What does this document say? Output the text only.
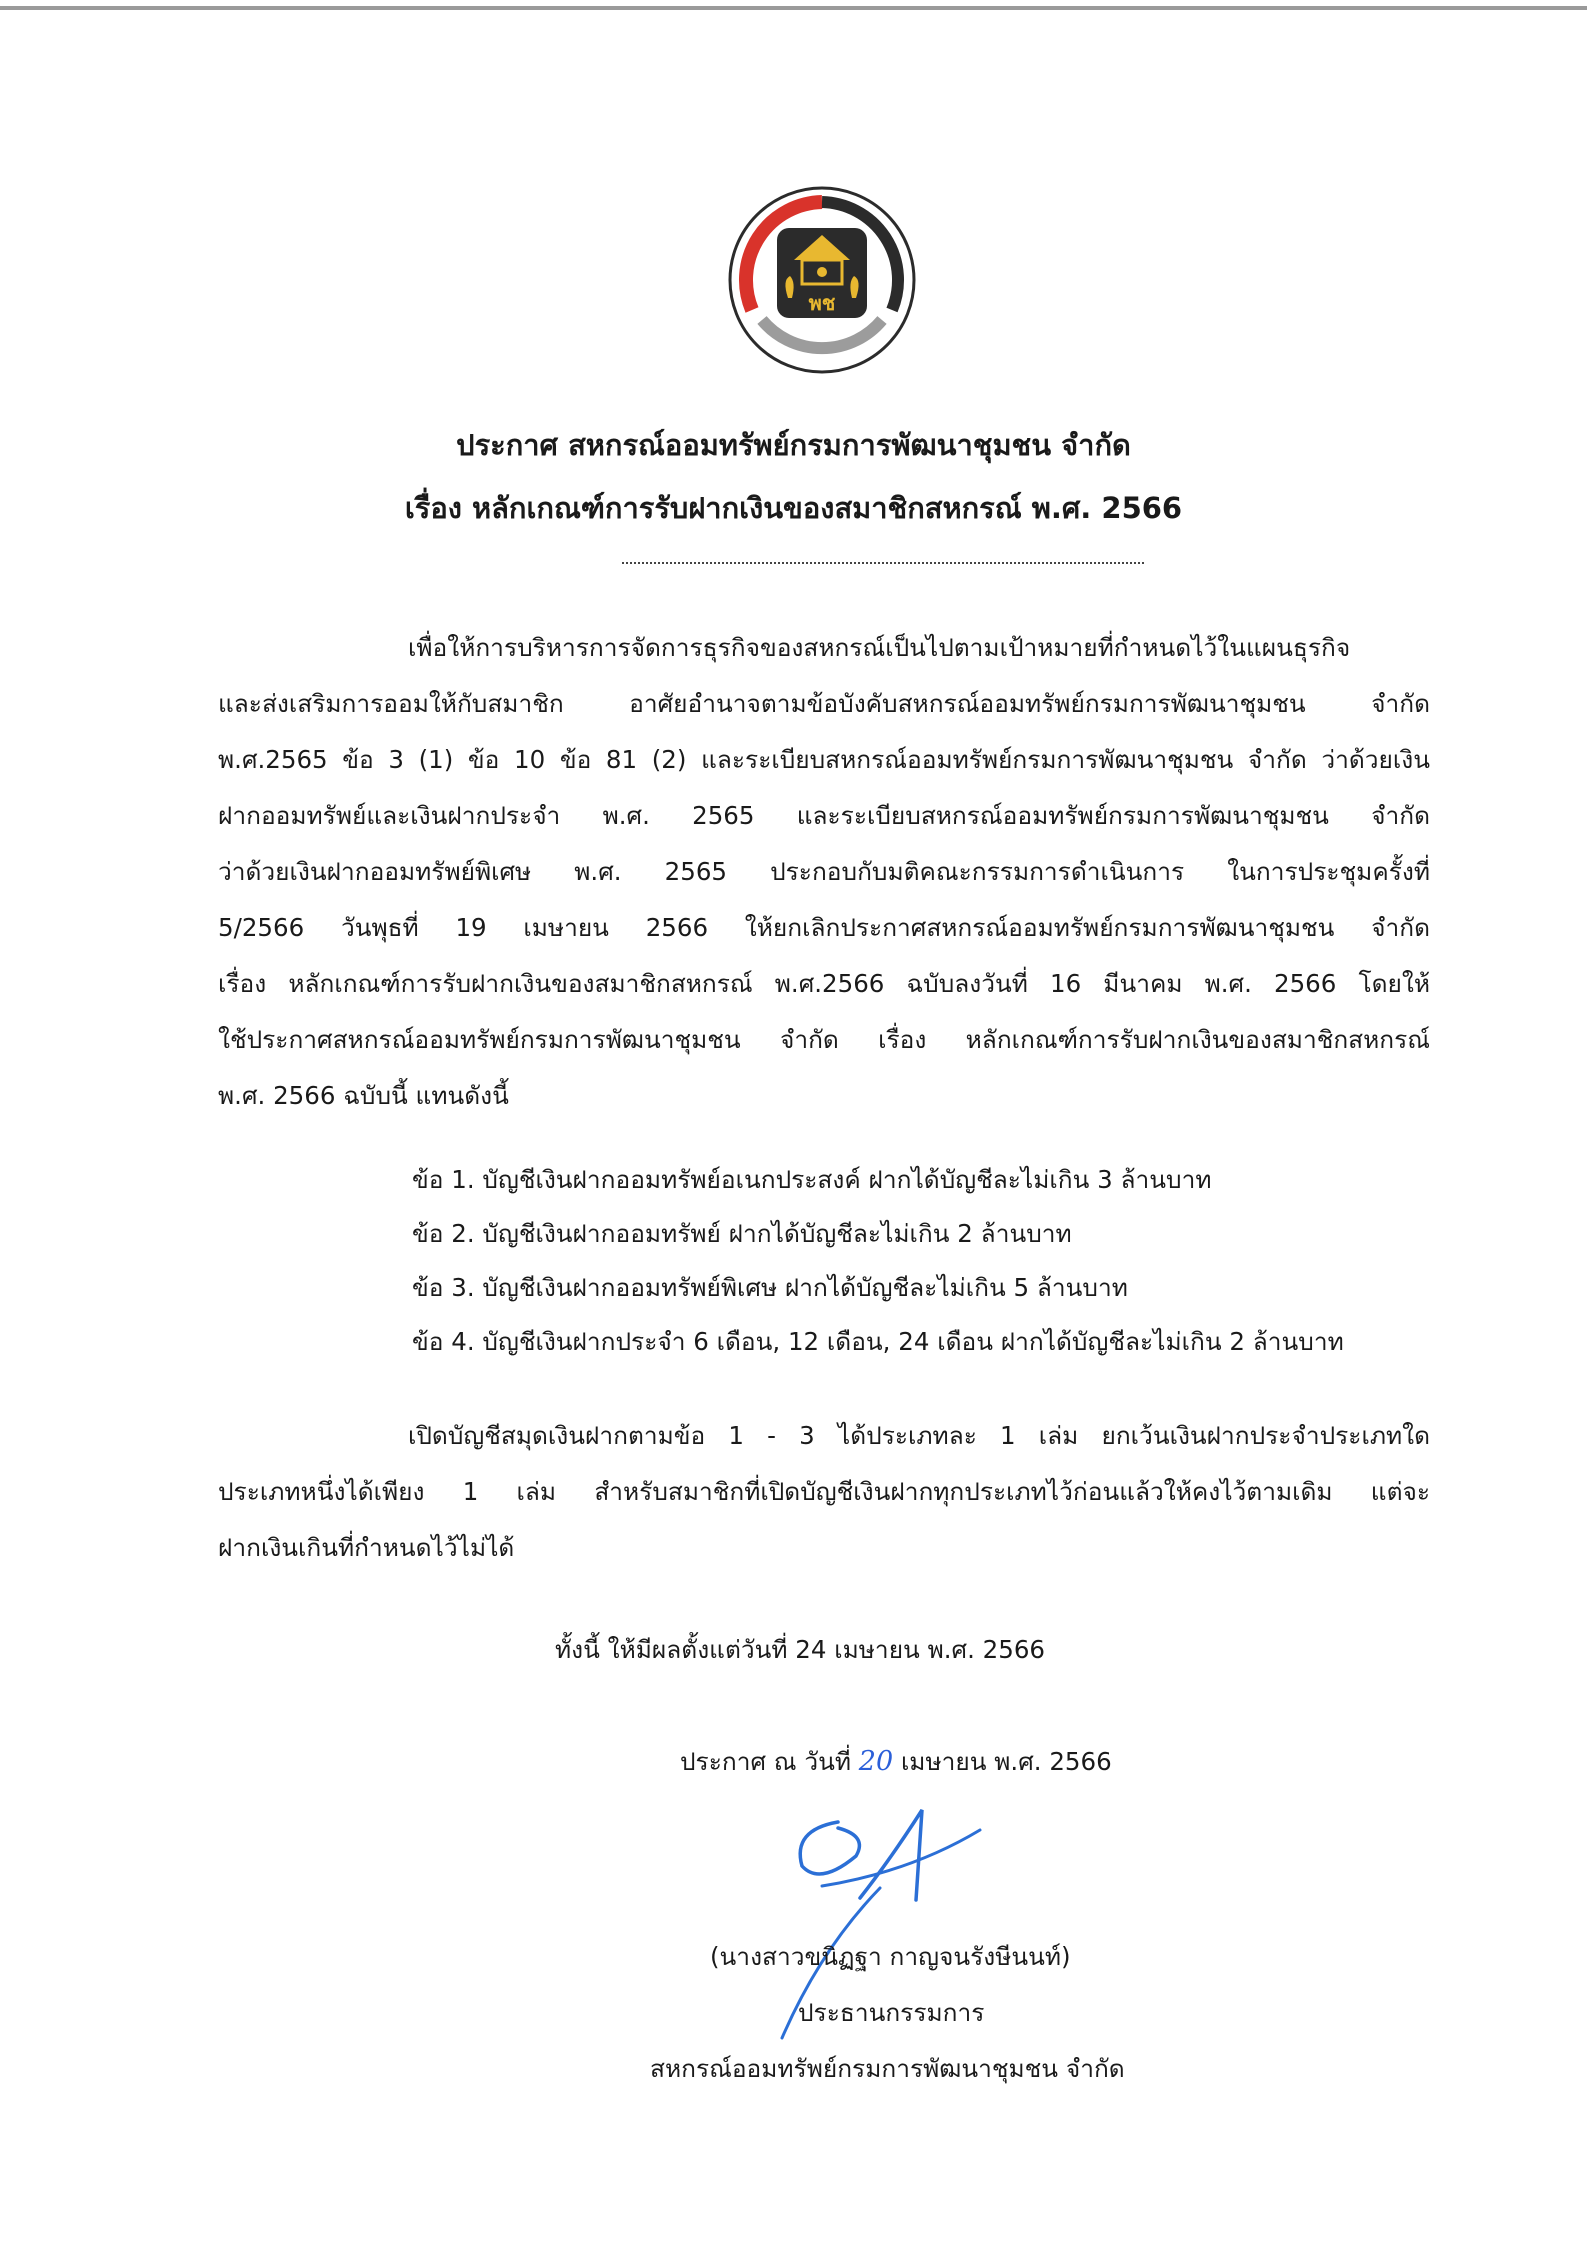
พช
ประกาศ สหกรณ์ออมทรัพย์กรมการพัฒนาชุมชน จำกัด
เรื่อง หลักเกณฑ์การรับฝากเงินของสมาชิกสหกรณ์ พ.ศ. 2566
เพื่อให้การบริหารการจัดการธุรกิจของสหกรณ์เป็นไปตามเป้าหมายที่กำหนดไว้ในแผนธุรกิจ
และส่งเสริมการออมให้กับสมาชิก อาศัยอำนาจตามข้อบังคับสหกรณ์ออมทรัพย์กรมการพัฒนาชุมชน จำกัด
พ.ศ.2565 ข้อ 3 (1) ข้อ 10 ข้อ 81 (2) และระเบียบสหกรณ์ออมทรัพย์กรมการพัฒนาชุมชน จำกัด ว่าด้วยเงิน
ฝากออมทรัพย์และเงินฝากประจำ พ.ศ. 2565 และระเบียบสหกรณ์ออมทรัพย์กรมการพัฒนาชุมชน จำกัด
ว่าด้วยเงินฝากออมทรัพย์พิเศษ พ.ศ. 2565 ประกอบกับมติคณะกรรมการดำเนินการ ในการประชุมครั้งที่
5/2566 วันพุธที่ 19 เมษายน 2566 ให้ยกเลิกประกาศสหกรณ์ออมทรัพย์กรมการพัฒนาชุมชน จำกัด
เรื่อง หลักเกณฑ์การรับฝากเงินของสมาชิกสหกรณ์ พ.ศ.2566 ฉบับลงวันที่ 16 มีนาคม พ.ศ. 2566 โดยให้
ใช้ประกาศสหกรณ์ออมทรัพย์กรมการพัฒนาชุมชน จำกัด เรื่อง หลักเกณฑ์การรับฝากเงินของสมาชิกสหกรณ์
พ.ศ. 2566 ฉบับนี้ แทนดังนี้
ข้อ 1. บัญชีเงินฝากออมทรัพย์อเนกประสงค์ ฝากได้บัญชีละไม่เกิน 3 ล้านบาท
ข้อ 2. บัญชีเงินฝากออมทรัพย์ ฝากได้บัญชีละไม่เกิน 2 ล้านบาท
ข้อ 3. บัญชีเงินฝากออมทรัพย์พิเศษ ฝากได้บัญชีละไม่เกิน 5 ล้านบาท
ข้อ 4. บัญชีเงินฝากประจำ 6 เดือน, 12 เดือน, 24 เดือน ฝากได้บัญชีละไม่เกิน 2 ล้านบาท
เปิดบัญชีสมุดเงินฝากตามข้อ 1 - 3 ได้ประเภทละ 1 เล่ม ยกเว้นเงินฝากประจำประเภทใด
ประเภทหนึ่งได้เพียง 1 เล่ม สำหรับสมาชิกที่เปิดบัญชีเงินฝากทุกประเภทไว้ก่อนแล้วให้คงไว้ตามเดิม แต่จะ
ฝากเงินเกินที่กำหนดไว้ไม่ได้
ทั้งนี้ ให้มีผลตั้งแต่วันที่ 24 เมษายน พ.ศ. 2566
ประกาศ ณ วันที่ 20 เมษายน พ.ศ. 2566
(นางสาวขนิฏฐา กาญจนรังษีนนท์)
ประธานกรรมการ
สหกรณ์ออมทรัพย์กรมการพัฒนาชุมชน จำกัด
